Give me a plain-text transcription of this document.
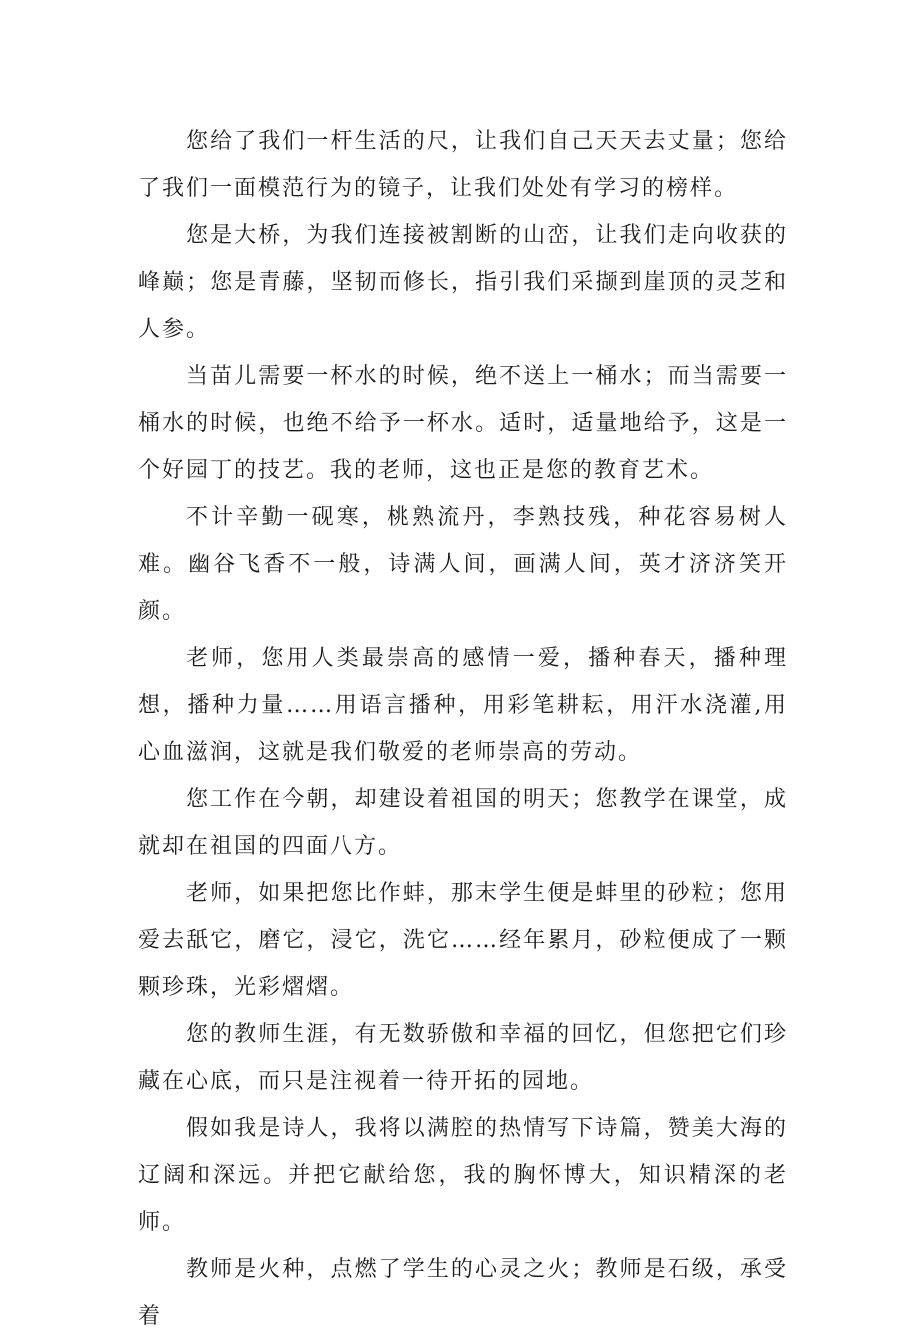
您给了我们一杆生活的尺，让我们自己天天去丈量；您给了我们一面模范行为的镜子，让我们处处有学习的榜样。

您是大桥，为我们连接被割断的山峦，让我们走向收获的峰巅；您是青藤，坚韧而修长，指引我们采撷到崖顶的灵芝和人参。

当苗儿需要一杯水的时候，绝不送上一桶水；而当需要一桶水的时候，也绝不给予一杯水。适时，适量地给予，这是一个好园丁的技艺。我的老师，这也正是您的教育艺术。

不计辛勤一砚寒，桃熟流丹，李熟技残，种花容易树人难。幽谷飞香不一般，诗满人间，画满人间，英才济济笑开颜。

老师，您用人类最崇高的感情一爱，播种春天，播种理想，播种力量……用语言播种，用彩笔耕耘，用汗水浇灌,用心血滋润，这就是我们敬爱的老师崇高的劳动。

您工作在今朝，却建设着祖国的明天；您教学在课堂，成就却在祖国的四面八方。

老师，如果把您比作蚌，那末学生便是蚌里的砂粒；您用爱去舐它，磨它，浸它，洗它……经年累月，砂粒便成了一颗颗珍珠，光彩熠熠。

您的教师生涯，有无数骄傲和幸福的回忆，但您把它们珍藏在心底，而只是注视着一待开拓的园地。

假如我是诗人，我将以满腔的热情写下诗篇，赞美大海的辽阔和深远。并把它献给您，我的胸怀博大，知识精深的老师。

教师是火种，点燃了学生的心灵之火；教师是石级，承受着
